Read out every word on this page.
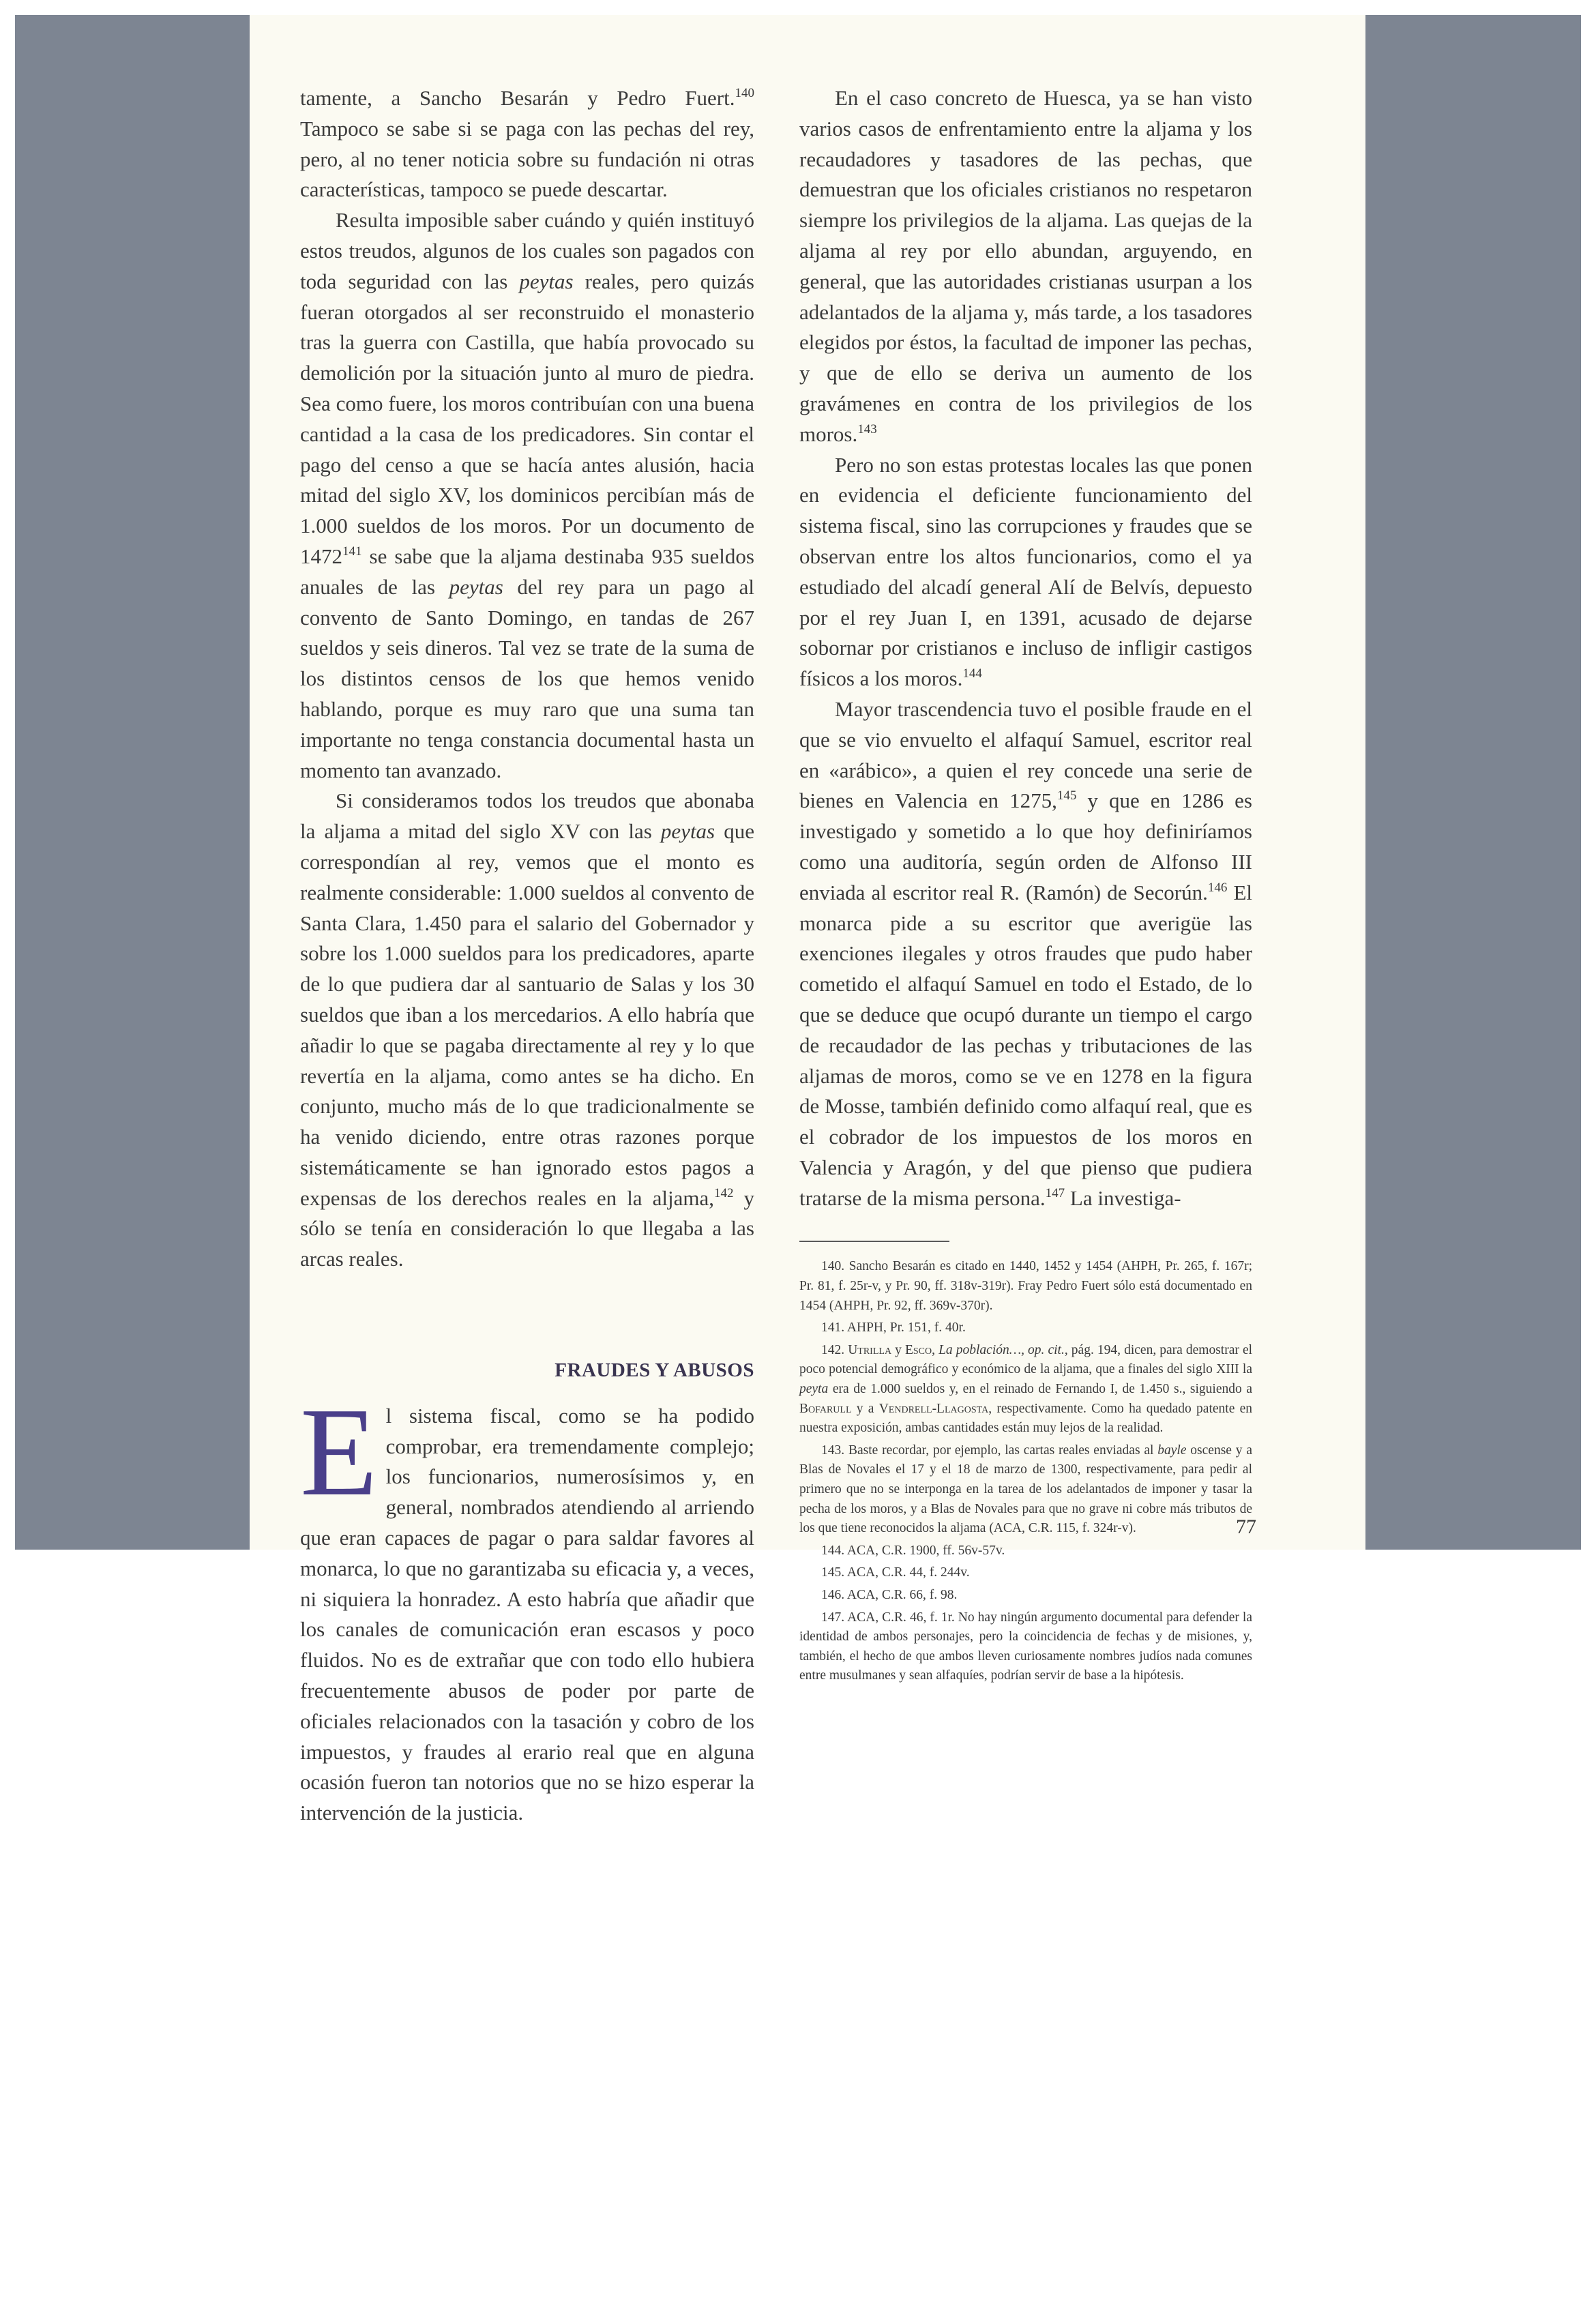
tamente, a Sancho Besarán y Pedro Fuert.$^{140}$ Tampoco se sabe si se paga con las pechas del rey, pero, al no tener noticia sobre su fundación ni otras características, tampoco se puede descartar.

Resulta imposible saber cuándo y quién instituyó estos treudos, algunos de los cuales son pagados con toda seguridad con las peytas reales, pero quizás fueran otorgados al ser reconstruido el monasterio tras la guerra con Castilla, que había provocado su demolición por la situación junto al muro de piedra. Sea como fuere, los moros contribuían con una buena cantidad a la casa de los predicadores. Sin contar el pago del censo a que se hacía antes alusión, hacia mitad del siglo XV, los dominicos percibían más de 1.000 sueldos de los moros. Por un documento de 1472$^{141}$ se sabe que la aljama destinaba 935 sueldos anuales de las peytas del rey para un pago al convento de Santo Domingo, en tandas de 267 sueldos y seis dineros. Tal vez se trate de la suma de los distintos censos de los que hemos venido hablando, porque es muy raro que una suma tan importante no tenga constancia documental hasta un momento tan avanzado.

Si consideramos todos los treudos que abonaba la aljama a mitad del siglo XV con las peytas que correspondían al rey, vemos que el monto es realmente considerable: 1.000 sueldos al convento de Santa Clara, 1.450 para el salario del Gobernador y sobre los 1.000 sueldos para los predicadores, aparte de lo que pudiera dar al santuario de Salas y los 30 sueldos que iban a los mercedarios. A ello habría que añadir lo que se pagaba directamente al rey y lo que revertía en la aljama, como antes se ha dicho. En conjunto, mucho más de lo que tradicionalmente se ha venido diciendo, entre otras razones porque sistemáticamente se han ignorado estos pagos a expensas de los derechos reales en la aljama,$^{142}$ y sólo se tenía en consideración lo que llegaba a las arcas reales.

FRAUDES Y ABUSOS

El sistema fiscal, como se ha podido comprobar, era tremendamente complejo; los funcionarios, numerosísimos y, en general, nombrados atendiendo al arriendo que eran capaces de pagar o para saldar favores al monarca, lo que no garantizaba su eficacia y, a veces, ni siquiera la honradez. A esto habría que añadir que los canales de comunicación eran escasos y poco fluidos. No es de extrañar que con todo ello hubiera frecuentemente abusos de poder por parte de oficiales relacionados con la tasación y cobro de los impuestos, y fraudes al erario real que en alguna ocasión fueron tan notorios que no se hizo esperar la intervención de la justicia.

En el caso concreto de Huesca, ya se han visto varios casos de enfrentamiento entre la aljama y los recaudadores y tasadores de las pechas, que demuestran que los oficiales cristianos no respetaron siempre los privilegios de la aljama. Las quejas de la aljama al rey por ello abundan, arguyendo, en general, que las autoridades cristianas usurpan a los adelantados de la aljama y, más tarde, a los tasadores elegidos por éstos, la facultad de imponer las pechas, y que de ello se deriva un aumento de los gravámenes en contra de los privilegios de los moros.$^{143}$

Pero no son estas protestas locales las que ponen en evidencia el deficiente funcionamiento del sistema fiscal, sino las corrupciones y fraudes que se observan entre los altos funcionarios, como el ya estudiado del alcadí general Alí de Belvís, depuesto por el rey Juan I, en 1391, acusado de dejarse sobornar por cristianos e incluso de infligir castigos físicos a los moros.$^{144}$

Mayor trascendencia tuvo el posible fraude en el que se vio envuelto el alfaquí Samuel, escritor real en «arábico», a quien el rey concede una serie de bienes en Valencia en 1275,$^{145}$ y que en 1286 es investigado y sometido a lo que hoy definiríamos como una auditoría, según orden de Alfonso III enviada al escritor real R. (Ramón) de Secorún.$^{146}$ El monarca pide a su escritor que averigüe las exenciones ilegales y otros fraudes que pudo haber cometido el alfaquí Samuel en todo el Estado, de lo que se deduce que ocupó durante un tiempo el cargo de recaudador de las pechas y tributaciones de las aljamas de moros, como se ve en 1278 en la figura de Mosse, también definido como alfaquí real, que es el cobrador de los impuestos de los moros en Valencia y Aragón, y del que pienso que pudiera tratarse de la misma persona.$^{147}$ La investiga-

140. Sancho Besarán es citado en 1440, 1452 y 1454 (AHPH, Pr. 265, f. 167r; Pr. 81, f. 25r-v, y Pr. 90, ff. 318v-319r). Fray Pedro Fuert sólo está documentado en 1454 (AHPH, Pr. 92, ff. 369v-370r).

141. AHPH, Pr. 151, f. 40r.

142. Utrilla y Esco, La población…, op. cit., pág. 194, dicen, para demostrar el poco potencial demográfico y económico de la aljama, que a finales del siglo XIII la peyta era de 1.000 sueldos y, en el reinado de Fernando I, de 1.450 s., siguiendo a Bofarull y a Vendrell-Llagosta, respectivamente. Como ha quedado patente en nuestra exposición, ambas cantidades están muy lejos de la realidad.

143. Baste recordar, por ejemplo, las cartas reales enviadas al bayle oscense y a Blas de Novales el 17 y el 18 de marzo de 1300, respectivamente, para pedir al primero que no se interponga en la tarea de los adelantados de imponer y tasar la pecha de los moros, y a Blas de Novales para que no grave ni cobre más tributos de los que tiene reconocidos la aljama (ACA, C.R. 115, f. 324r-v).

144. ACA, C.R. 1900, ff. 56v-57v.

145. ACA, C.R. 44, f. 244v.

146. ACA, C.R. 66, f. 98.

147. ACA, C.R. 46, f. 1r. No hay ningún argumento documental para defender la identidad de ambos personajes, pero la coincidencia de fechas y de misiones, y, también, el hecho de que ambos lleven curiosamente nombres judíos nada comunes entre musulmanes y sean alfaquíes, podrían servir de base a la hipótesis.

77
